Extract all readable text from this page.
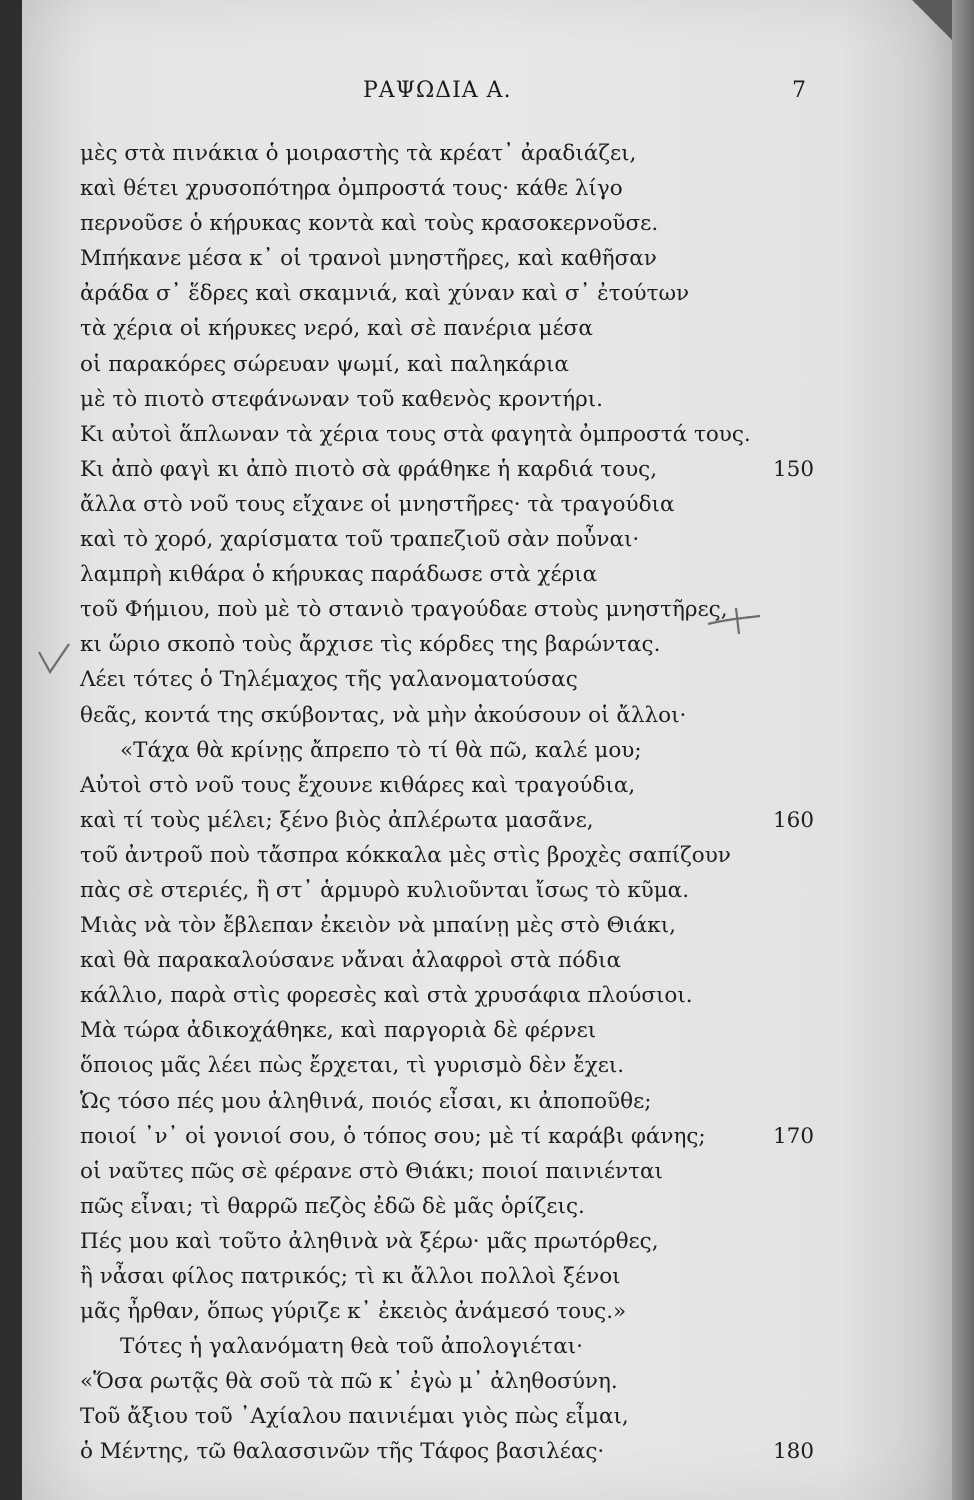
ΡΑΨΩΔΙΑ Α.	7
μὲς στὰ πινάκια ὁ μοιραστὴς τὰ κρέατ᾿ ἀραδιάζει,
καὶ θέτει χρυσοπότηρα ὀμπροστά τους· κάθε λίγο
περνοῦσε ὁ κήρυκας κοντὰ καὶ τοὺς κρασοκερνοῦσε.
Μπήκανε μέσα κ᾿ οἱ τρανοὶ μνηστῆρες, καὶ καθῆσαν
ἀράδα σ᾿ ἕδρες καὶ σκαμνιά, καὶ χύναν καὶ σ᾿ ἐτούτων
τὰ χέρια οἱ κήρυκες νερό, καὶ σὲ πανέρια μέσα
οἱ παρακόρες σώρευαν ψωμί, καὶ παληκάρια
μὲ τὸ πιοτὸ στεφάνωναν τοῦ καθενὸς κροντήρι.
Κι αὐτοὶ ἅπλωναν τὰ χέρια τους στὰ φαγητὰ ὀμπροστά τους.
Κι ἀπὸ φαγὶ κι ἀπὸ πιοτὸ σὰ φράθηκε ἡ καρδιά τους,	150
ἄλλα στὸ νοῦ τους εἴχανε οἱ μνηστῆρες· τὰ τραγούδια
καὶ τὸ χορό, χαρίσματα τοῦ τραπεζιοῦ σὰν ποὖναι·
λαμπρὴ κιθάρα ὁ κήρυκας παράδωσε στὰ χέρια
τοῦ Φήμιου, ποὺ μὲ τὸ στανιὸ τραγούδαε στοὺς μνηστῆρες,
κι ὥριο σκοπὸ τοὺς ἄρχισε τὶς κόρδες της βαρώντας.
Λέει τότες ὁ Τηλέμαχος τῆς γαλανοματούσας
θεᾶς, κοντά της σκύβοντας, νὰ μὴν ἀκούσουν οἱ ἄλλοι·
«Τάχα θὰ κρίνῃς ἄπρεπο τὸ τί θὰ πῶ, καλέ μου;
Αὐτοὶ στὸ νοῦ τους ἔχουνε κιθάρες καὶ τραγούδια,
καὶ τί τοὺς μέλει; ξένο βιὸς ἀπλέρωτα μασᾶνε,	160
τοῦ ἀντροῦ ποὺ τἄσπρα κόκκαλα μὲς στὶς βροχὲς σαπίζουν
πὰς σὲ στεριές, ἢ στ᾿ ἁρμυρὸ κυλιοῦνται ἴσως τὸ κῦμα.
Μιὰς νὰ τὸν ἔβλεπαν ἐκειὸν νὰ μπαίνῃ μὲς στὸ Θιάκι,
καὶ θὰ παρακαλούσανε νἄναι ἀλαφροὶ στὰ πόδια
κάλλιο, παρὰ στὶς φορεσὲς καὶ στὰ χρυσάφια πλούσιοι.
Μὰ τώρα ἀδικοχάθηκε, καὶ παργοριὰ δὲ φέρνει
ὅποιος μᾶς λέει πὼς ἔρχεται, τὶ γυρισμὸ δὲν ἔχει.
Ὡς τόσο πές μου ἀληθινά, ποιός εἶσαι, κι ἀποποῦθε;
ποιοί ᾿ν᾿ οἱ γονιοί σου, ὁ τόπος σου; μὲ τί καράβι φάνης;	170
οἱ ναῦτες πῶς σὲ φέρανε στὸ Θιάκι; ποιοί παινιένται
πῶς εἶναι; τὶ θαρρῶ πεζὸς ἐδῶ δὲ μᾶς ὁρίζεις.
Πές μου καὶ τοῦτο ἀληθινὰ νὰ ξέρω· μᾶς πρωτόρθες,
ἢ νἆσαι φίλος πατρικός; τὶ κι ἄλλοι πολλοὶ ξένοι
μᾶς ἦρθαν, ὅπως γύριζε κ᾿ ἐκειὸς ἀνάμεσό τους.»
Τότες ἡ γαλανόματη θεὰ τοῦ ἀπολογιέται·
«Ὅσα ρωτᾷς θὰ σοῦ τὰ πῶ κ᾿ ἐγὼ μ᾿ ἀληθοσύνη.
Τοῦ ἄξιου τοῦ ᾿Αχίαλου παινιέμαι γιὸς πὼς εἶμαι,
ὁ Μέντης, τῶ θαλασσινῶν τῆς Τάφος βασιλέας·	180
